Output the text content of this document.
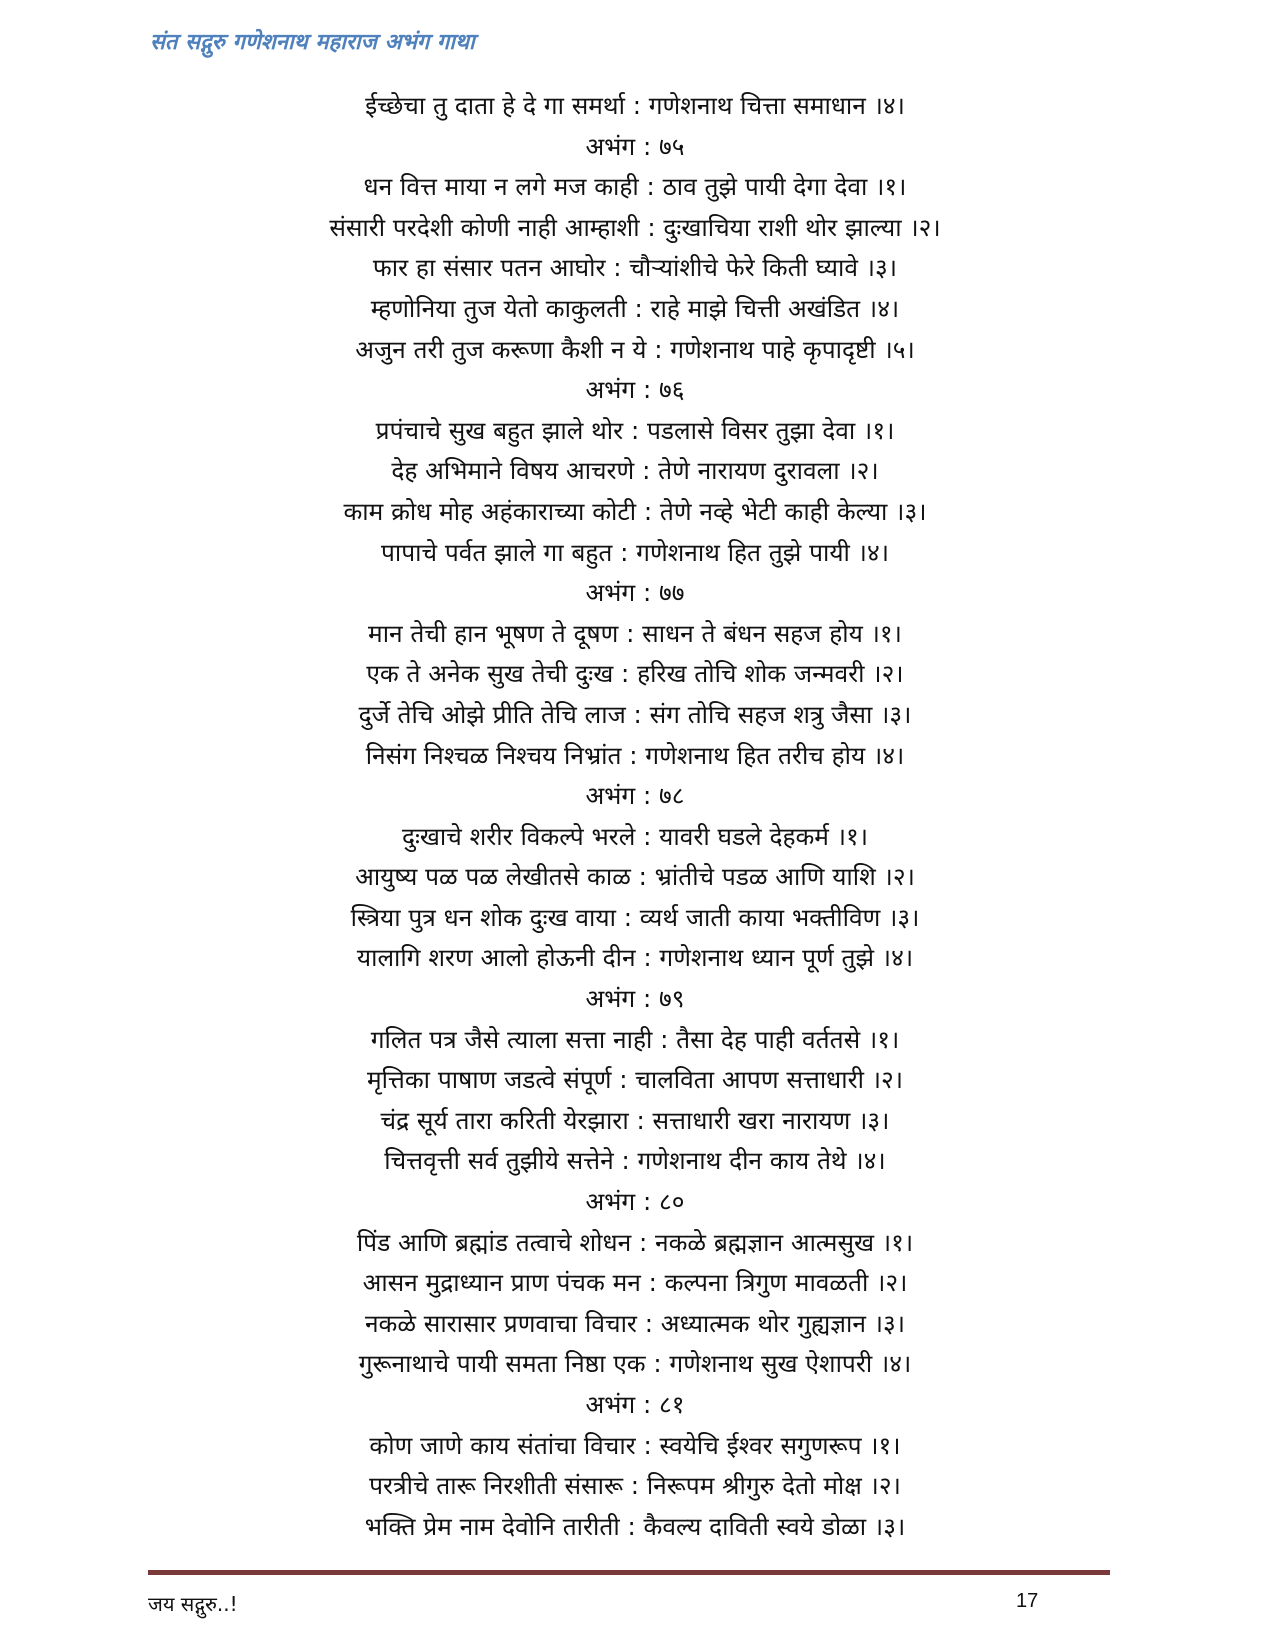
संत सद्गुरु गणेशनाथ महाराज अभंग गाथा
ईच्छेचा तु दाता हे दे गा समर्था : गणेशनाथ चित्ता समाधान ।४।
अभंग : ७५
धन वित्त माया न लगे मज काही : ठाव तुझे पायी देगा देवा ।१।
संसारी परदेशी कोणी नाही आम्हाशी : दुःखाचिया राशी थोर झाल्या ।२।
फार हा संसार पतन आघोर : चौऱ्यांशीचे फेरे किती घ्यावे ।३।
म्हणोनिया तुज येतो काकुलती : राहे माझे चित्ती अखंडित ।४।
अजुन तरी तुज करूणा कैशी न ये : गणेशनाथ पाहे कृपादृष्टी ।५।
अभंग : ७६
प्रपंचाचे सुख बहुत झाले थोर : पडलासे विसर तुझा देवा ।१।
देह अभिमाने विषय आचरणे : तेणे नारायण दुरावला ।२।
काम क्रोध मोह अहंकाराच्या कोटी : तेणे नव्हे भेटी काही केल्या ।३।
पापाचे पर्वत झाले गा बहुत : गणेशनाथ हित तुझे पायी ।४।
अभंग : ७७
मान तेची हान भूषण ते दूषण : साधन ते बंधन सहज होय ।१।
एक ते अनेक सुख तेची दुःख : हरिख तोचि शोक जन्मवरी ।२।
दुर्जे तेचि ओझे प्रीति तेचि लाज : संग तोचि सहज शत्रु जैसा ।३।
निसंग निश्चळ निश्चय निभ्रांत : गणेशनाथ हित तरीच होय ।४।
अभंग : ७८
दुःखाचे शरीर विकल्पे भरले : यावरी घडले देहकर्म ।१।
आयुष्य पळ पळ लेखीतसे काळ : भ्रांतीचे पडळ आणि याशि ।२।
स्त्रिया पुत्र धन शोक दुःख वाया : व्यर्थ जाती काया भक्तीविण ।३।
यालागि शरण आलो होऊनी दीन : गणेशनाथ ध्यान पूर्ण तुझे ।४।
अभंग : ७९
गलित पत्र जैसे त्याला सत्ता नाही : तैसा देह पाही वर्ततसे ।१।
मृत्तिका पाषाण जडत्वे संपूर्ण : चालविता आपण सत्ताधारी ।२।
चंद्र सूर्य तारा करिती येरझारा : सत्ताधारी खरा नारायण ।३।
चित्तवृत्ती सर्व तुझीये सत्तेने : गणेशनाथ दीन काय तेथे ।४।
अभंग : ८०
पिंड आणि ब्रह्मांड तत्वाचे शोधन : नकळे ब्रह्मज्ञान आत्मसुख ।१।
आसन मुद्राध्यान प्राण पंचक मन : कल्पना त्रिगुण मावळती ।२।
नकळे सारासार प्रणवाचा विचार : अध्यात्मक थोर गुह्यज्ञान ।३।
गुरूनाथाचे पायी समता निष्ठा एक : गणेशनाथ सुख ऐशापरी ।४।
अभंग : ८१
कोण जाणे काय संतांचा विचार : स्वयेचि ईश्वर सगुणरूप ।१।
परत्रीचे तारू निरशीती संसारू : निरूपम श्रीगुरु देतो मोक्ष ।२।
भक्ति प्रेम नाम देवोनि तारीती : कैवल्य दाविती स्वये डोळा ।३।
जय सद्गुरु..!	17
